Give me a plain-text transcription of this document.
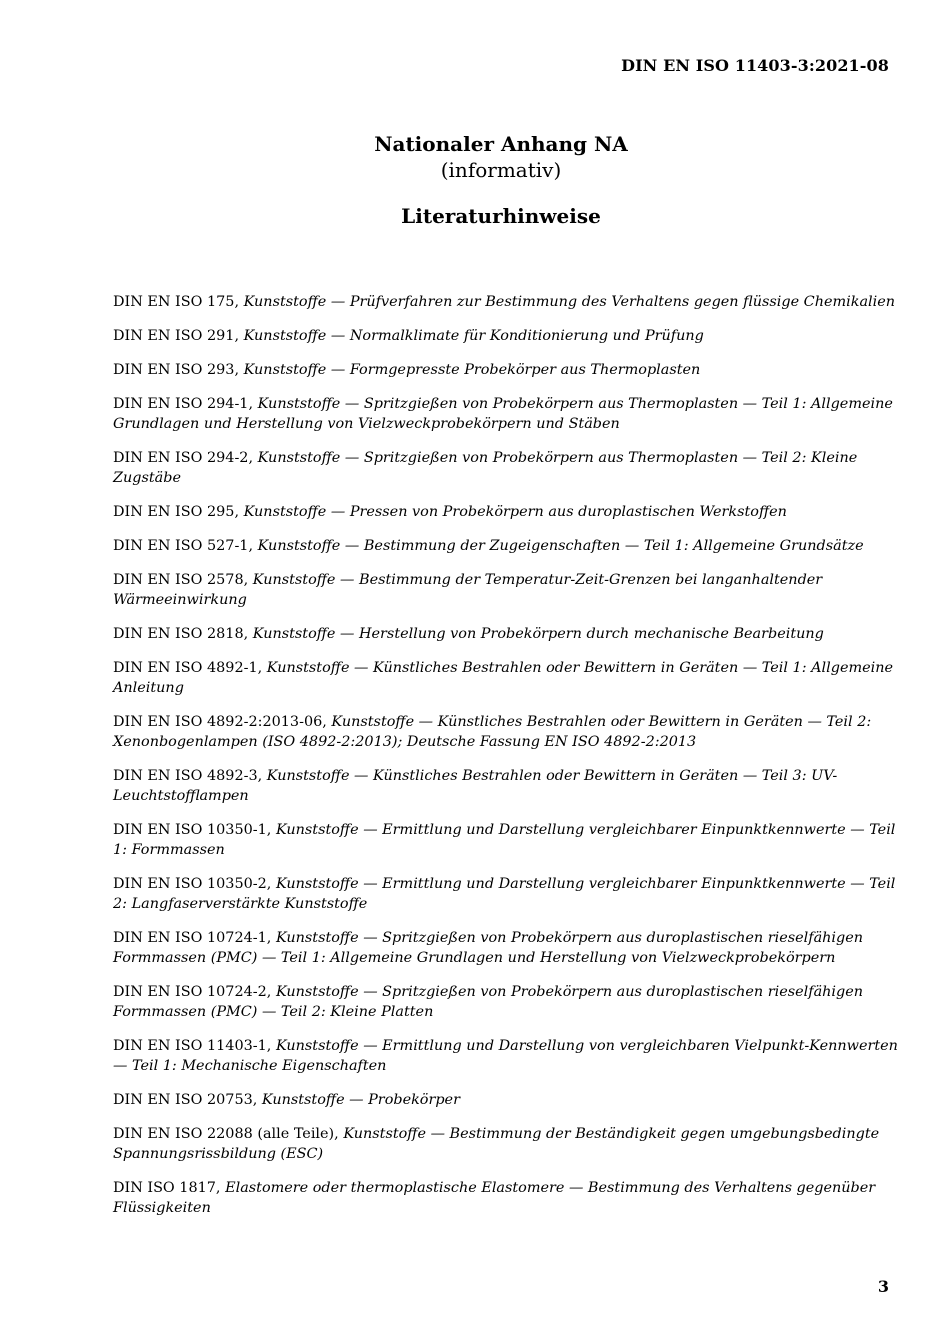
DIN EN ISO 11403-3:2021-08
Nationaler Anhang NA
(informativ)
Literaturhinweise
DIN EN ISO 175, Kunststoffe — Prüfverfahren zur Bestimmung des Verhaltens gegen flüssige Chemikalien
DIN EN ISO 291, Kunststoffe — Normalklimate für Konditionierung und Prüfung
DIN EN ISO 293, Kunststoffe — Formgepresste Probekörper aus Thermoplasten
DIN EN ISO 294-1, Kunststoffe — Spritzgießen von Probekörpern aus Thermoplasten — Teil 1: Allgemeine Grundlagen und Herstellung von Vielzweckprobekörpern und Stäben
DIN EN ISO 294-2, Kunststoffe — Spritzgießen von Probekörpern aus Thermoplasten — Teil 2: Kleine Zugstäbe
DIN EN ISO 295, Kunststoffe — Pressen von Probekörpern aus duroplastischen Werkstoffen
DIN EN ISO 527-1, Kunststoffe — Bestimmung der Zugeigenschaften — Teil 1: Allgemeine Grundsätze
DIN EN ISO 2578, Kunststoffe — Bestimmung der Temperatur-Zeit-Grenzen bei langanhaltender Wärmeeinwirkung
DIN EN ISO 2818, Kunststoffe — Herstellung von Probekörpern durch mechanische Bearbeitung
DIN EN ISO 4892-1, Kunststoffe — Künstliches Bestrahlen oder Bewittern in Geräten — Teil 1: Allgemeine Anleitung
DIN EN ISO 4892-2:2013-06, Kunststoffe — Künstliches Bestrahlen oder Bewittern in Geräten — Teil 2: Xenonbogenlampen (ISO 4892-2:2013); Deutsche Fassung EN ISO 4892-2:2013
DIN EN ISO 4892-3, Kunststoffe — Künstliches Bestrahlen oder Bewittern in Geräten — Teil 3: UV-Leuchtstofflampen
DIN EN ISO 10350-1, Kunststoffe — Ermittlung und Darstellung vergleichbarer Einpunktkennwerte — Teil 1: Formmassen
DIN EN ISO 10350-2, Kunststoffe — Ermittlung und Darstellung vergleichbarer Einpunktkennwerte — Teil 2: Langfaserverstärkte Kunststoffe
DIN EN ISO 10724-1, Kunststoffe — Spritzgießen von Probekörpern aus duroplastischen rieselfähigen Formmassen (PMC) — Teil 1: Allgemeine Grundlagen und Herstellung von Vielzweckprobekörpern
DIN EN ISO 10724-2, Kunststoffe — Spritzgießen von Probekörpern aus duroplastischen rieselfähigen Formmassen (PMC) — Teil 2: Kleine Platten
DIN EN ISO 11403-1, Kunststoffe — Ermittlung und Darstellung von vergleichbaren Vielpunkt-Kennwerten — Teil 1: Mechanische Eigenschaften
DIN EN ISO 20753, Kunststoffe — Probekörper
DIN EN ISO 22088 (alle Teile), Kunststoffe — Bestimmung der Beständigkeit gegen umgebungsbedingte Spannungsrissbildung (ESC)
DIN ISO 1817, Elastomere oder thermoplastische Elastomere — Bestimmung des Verhaltens gegenüber Flüssigkeiten
3
